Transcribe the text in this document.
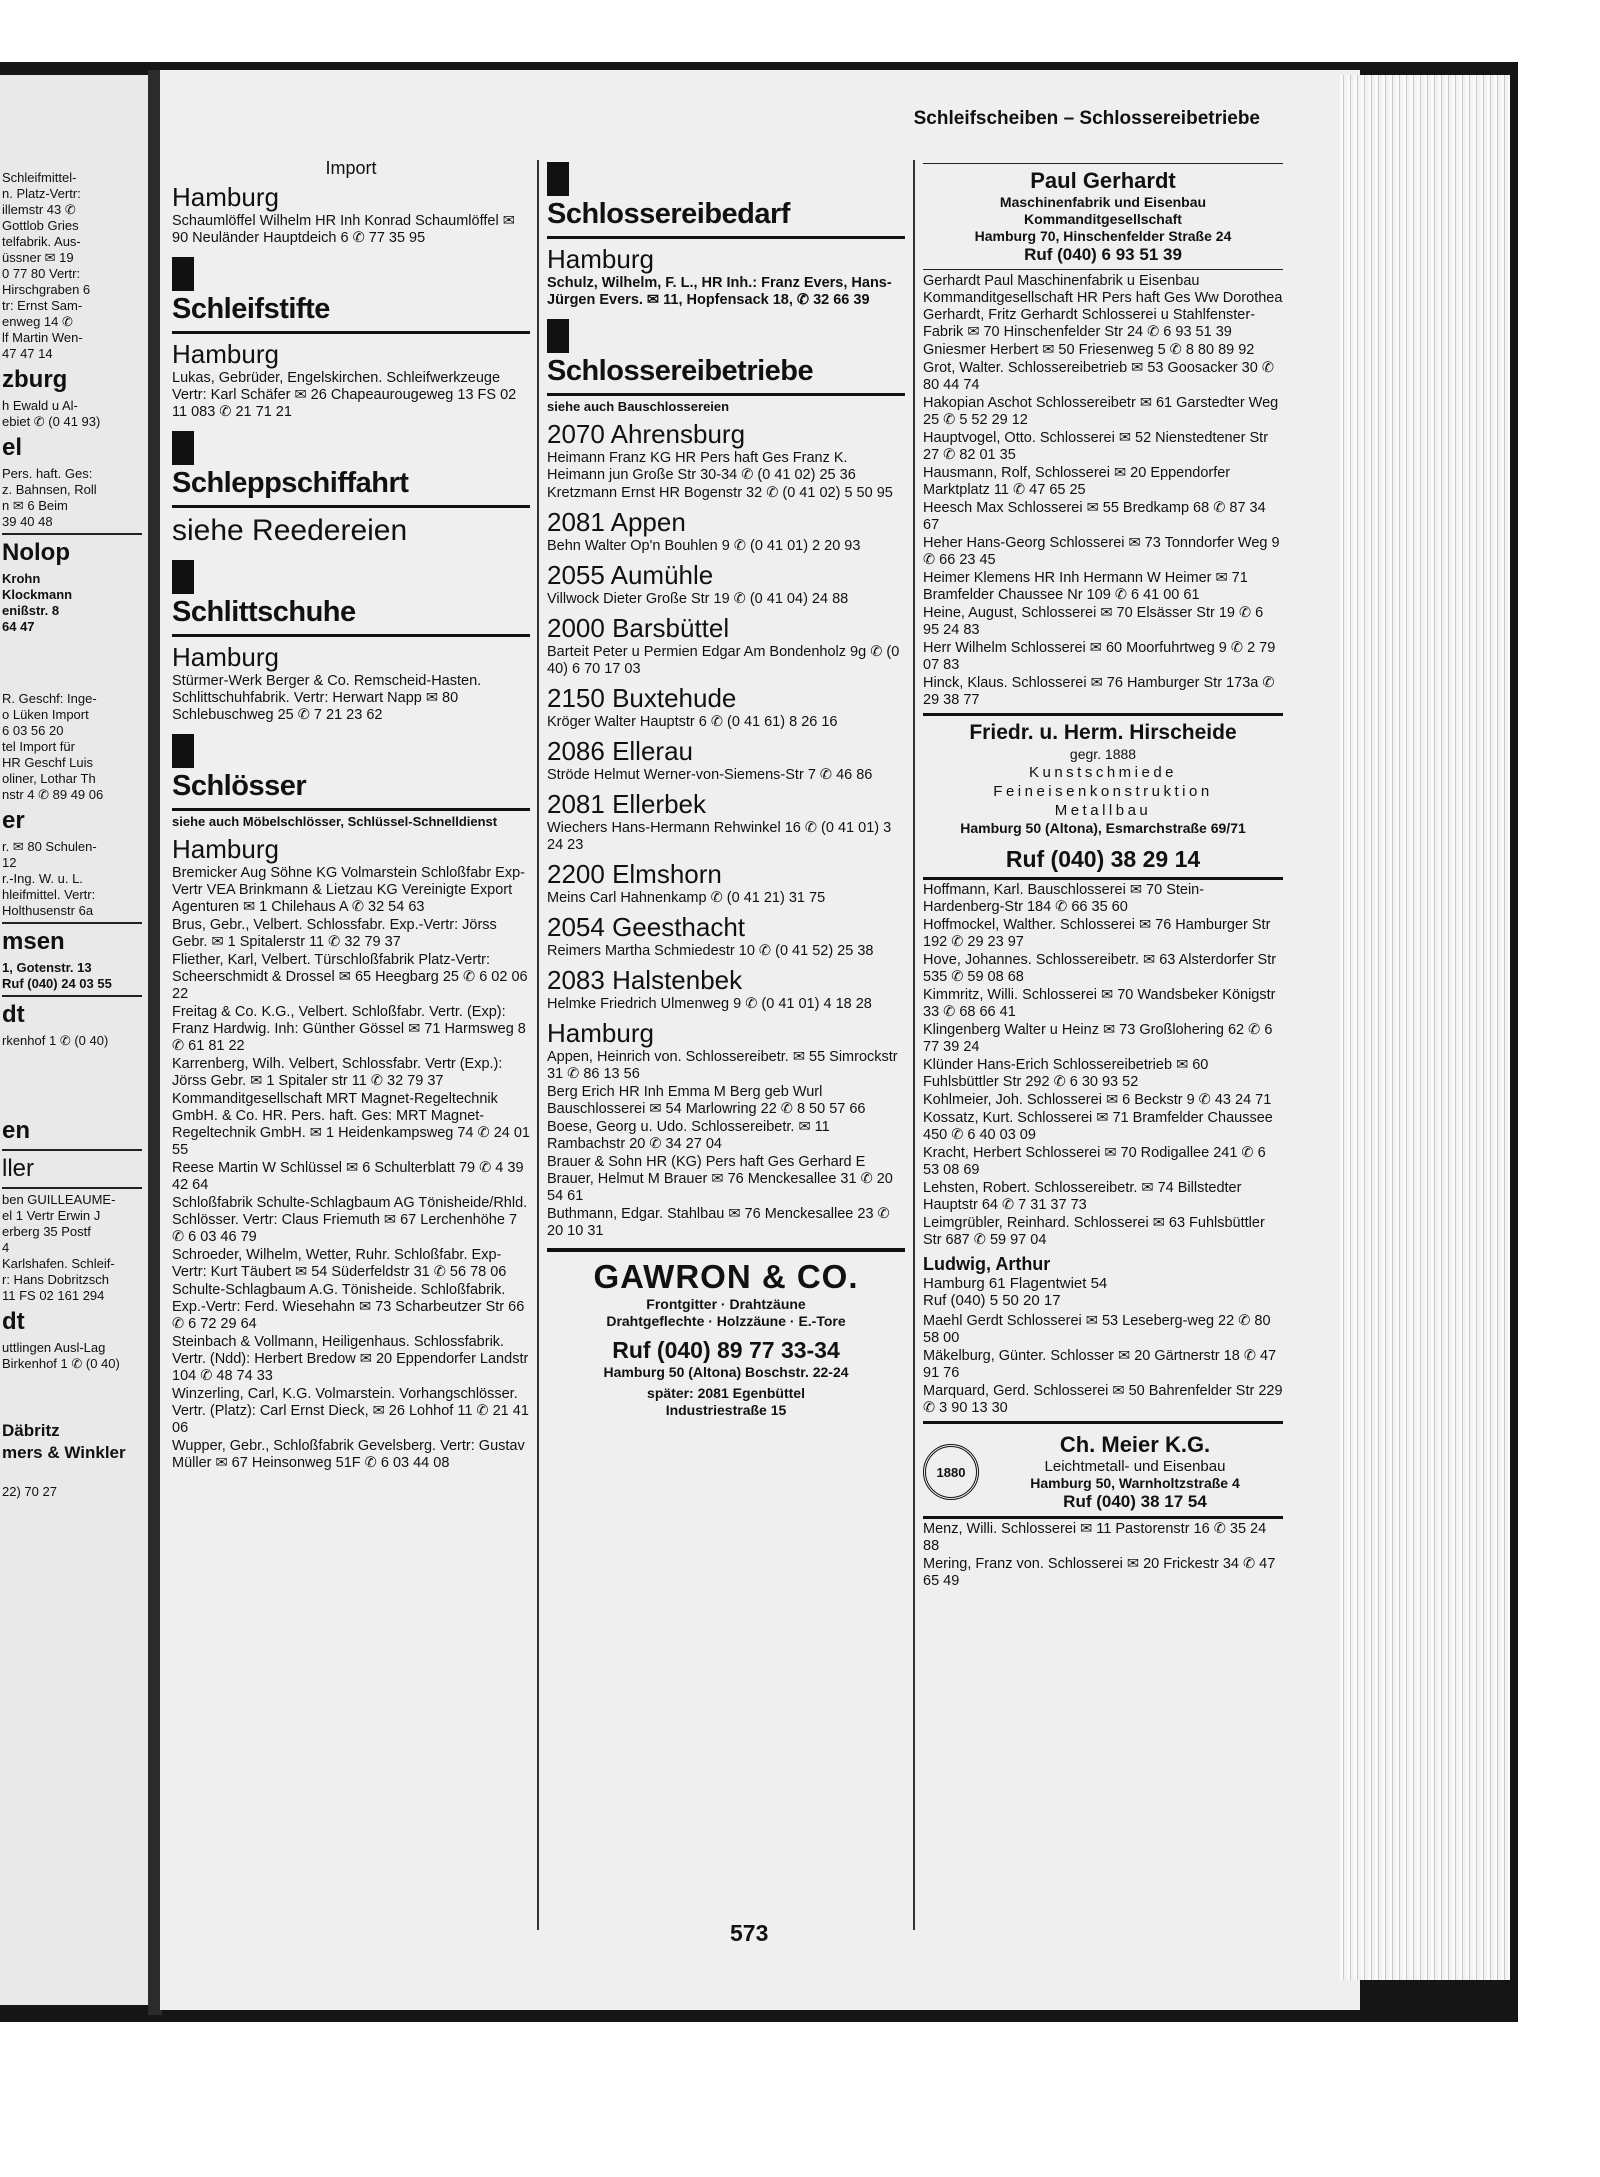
Schleifmittel-

n. Platz-Vertr:

illemstr 43 ✆

Gottlob Gries

telfabrik. Aus-

üssner ✉ 19

0 77 80 Vertr:

Hirschgraben 6

tr: Ernst Sam-

enweg 14 ✆

lf Martin Wen-

47 47 14

zburg

h Ewald u Al-

ebiet ✆ (0 41 93)

el

Pers. haft. Ges:

z. Bahnsen, Roll

n ✉ 6 Beim

39 40 48

Nolop

Krohn

Klockmann

enißstr. 8

64 47

R. Geschf: Inge-

o Lüken Import

6 03 56 20

tel Import für

HR Geschf Luis

oliner, Lothar Th

nstr 4 ✆ 89 49 06

er

r. ✉ 80 Schulen-

12

r.-Ing. W. u. L.

hleifmittel. Vertr:

Holthusenstr 6a

msen

1, Gotenstr. 13

Ruf (040) 24 03 55

dt

rkenhof 1 ✆ (0 40)

en
ller

ben GUILLEAUME-

el 1 Vertr Erwin J

erberg 35 Postf

4

Karlshafen. Schleif-

r: Hans Dobritzsch

11 FS 02 161 294

dt

uttlingen Ausl-Lag

Birkenhof 1 ✆ (0 40)

Däbritz

mers & Winkler

22) 70 27

Schleifscheiben – Schlossereibetriebe
Import
Hamburg

Schaumlöffel Wilhelm HR Inh Konrad Schaumlöffel ✉ 90 Neuländer Hauptdeich 6 ✆ 77 35 95

Schleifstifte
Hamburg

Lukas, Gebrüder, Engelskirchen. Schleifwerkzeuge Vertr: Karl Schäfer ✉ 26 Chapeaurougeweg 13 FS 02 11 083 ✆ 21 71 21

Schleppschiffahrt
siehe Reedereien
Schlittschuhe
Hamburg

Stürmer-Werk Berger & Co. Remscheid-Hasten. Schlittschuhfabrik. Vertr: Herwart Napp ✉ 80 Schlebuschweg 25 ✆ 7 21 23 62

Schlösser
siehe auch Möbelschlösser, Schlüssel-Schnelldienst
Hamburg

Bremicker Aug Söhne KG Volmarstein Schloßfabr Exp-Vertr VEA Brinkmann & Lietzau KG Vereinigte Export Agenturen ✉ 1 Chilehaus A ✆ 32 54 63

Brus, Gebr., Velbert. Schlossfabr. Exp.-Vertr: Jörss Gebr. ✉ 1 Spitalerstr 11 ✆ 32 79 37

Fliether, Karl, Velbert. Türschloßfabrik Platz-Vertr: Scheerschmidt & Drossel ✉ 65 Heegbarg 25 ✆ 6 02 06 22

Freitag & Co. K.G., Velbert. Schloßfabr. Vertr. (Exp): Franz Hardwig. Inh: Günther Gössel ✉ 71 Harmsweg 8 ✆ 61 81 22

Karrenberg, Wilh. Velbert, Schlossfabr. Vertr (Exp.): Jörss Gebr. ✉ 1 Spitaler str 11 ✆ 32 79 37

Kommanditgesellschaft MRT Magnet-Regeltechnik GmbH. & Co. HR. Pers. haft. Ges: MRT Magnet-Regeltechnik GmbH. ✉ 1 Heidenkampsweg 74 ✆ 24 01 55

Reese Martin W Schlüssel ✉ 6 Schulterblatt 79 ✆ 4 39 42 64

Schloßfabrik Schulte-Schlagbaum AG Tönisheide/Rhld. Schlösser. Vertr: Claus Friemuth ✉ 67 Lerchenhöhe 7 ✆ 6 03 46 79

Schroeder, Wilhelm, Wetter, Ruhr. Schloßfabr. Exp-Vertr: Kurt Täubert ✉ 54 Süderfeldstr 31 ✆ 56 78 06

Schulte-Schlagbaum A.G. Tönisheide. Schloßfabrik. Exp.-Vertr: Ferd. Wiesehahn ✉ 73 Scharbeutzer Str 66 ✆ 6 72 29 64

Steinbach & Vollmann, Heiligenhaus. Schlossfabrik. Vertr. (Ndd): Herbert Bredow ✉ 20 Eppendorfer Landstr 104 ✆ 48 74 33

Winzerling, Carl, K.G. Volmarstein. Vorhangschlösser. Vertr. (Platz): Carl Ernst Dieck, ✉ 26 Lohhof 11 ✆ 21 41 06

Wupper, Gebr., Schloßfabrik Gevelsberg. Vertr: Gustav Müller ✉ 67 Heinsonweg 51F ✆ 6 03 44 08

Schlossereibedarf
Hamburg

Schulz, Wilhelm, F. L., HR Inh.: Franz Evers, Hans-Jürgen Evers. ✉ 11, Hopfensack 18, ✆ 32 66 39

Schlossereibetriebe
siehe auch Bauschlossereien
2070 Ahrensburg

Heimann Franz KG HR Pers haft Ges Franz K. Heimann jun Große Str 30-34 ✆ (0 41 02) 25 36

Kretzmann Ernst HR Bogenstr 32 ✆ (0 41 02) 5 50 95

2081 Appen

Behn Walter Op'n Bouhlen 9 ✆ (0 41 01) 2 20 93

2055 Aumühle

Villwock Dieter Große Str 19 ✆ (0 41 04) 24 88

2000 Barsbüttel

Barteit Peter u Permien Edgar Am Bondenholz 9g ✆ (0 40) 6 70 17 03

2150 Buxtehude

Kröger Walter Hauptstr 6 ✆ (0 41 61) 8 26 16

2086 Ellerau

Ströde Helmut Werner-von-Siemens-Str 7 ✆ 46 86

2081 Ellerbek

Wiechers Hans-Hermann Rehwinkel 16 ✆ (0 41 01) 3 24 23

2200 Elmshorn

Meins Carl Hahnenkamp ✆ (0 41 21) 31 75

2054 Geesthacht

Reimers Martha Schmiedestr 10 ✆ (0 41 52) 25 38

2083 Halstenbek

Helmke Friedrich Ulmenweg 9 ✆ (0 41 01) 4 18 28

Hamburg

Appen, Heinrich von. Schlossereibetr. ✉ 55 Simrockstr 31 ✆ 86 13 56

Berg Erich HR Inh Emma M Berg geb Wurl Bauschlosserei ✉ 54 Marlowring 22 ✆ 8 50 57 66

Boese, Georg u. Udo. Schlossereibetr. ✉ 11 Rambachstr 20 ✆ 34 27 04

Brauer & Sohn HR (KG) Pers haft Ges Gerhard E Brauer, Helmut M Brauer ✉ 76 Menckesallee 31 ✆ 20 54 61

Buthmann, Edgar. Stahlbau ✉ 76 Menckesallee 23 ✆ 20 10 31

GAWRON & CO.
Frontgitter · Drahtzäune
Drahtgeflechte · Holzzäune · E.-Tore
Ruf (040) 89 77 33-34
Hamburg 50 (Altona) Boschstr. 22-24
später: 2081 Egenbüttel
Industriestraße 15
Paul Gerhardt
Maschinenfabrik und Eisenbau
Kommanditgesellschaft
Hamburg 70, Hinschenfelder Straße 24
Ruf (040) 6 93 51 39

Gerhardt Paul Maschinenfabrik u Eisenbau Kommanditgesellschaft HR Pers haft Ges Ww Dorothea Gerhardt, Fritz Gerhardt Schlosserei u Stahlfenster-Fabrik ✉ 70 Hinschenfelder Str 24 ✆ 6 93 51 39

Gniesmer Herbert ✉ 50 Friesenweg 5 ✆ 8 80 89 92

Grot, Walter. Schlossereibetrieb ✉ 53 Goosacker 30 ✆ 80 44 74

Hakopian Aschot Schlossereibetr ✉ 61 Garstedter Weg 25 ✆ 5 52 29 12

Hauptvogel, Otto. Schlosserei ✉ 52 Nienstedtener Str 27 ✆ 82 01 35

Hausmann, Rolf, Schlosserei ✉ 20 Eppendorfer Marktplatz 11 ✆ 47 65 25

Heesch Max Schlosserei ✉ 55 Bredkamp 68 ✆ 87 34 67

Heher Hans-Georg Schlosserei ✉ 73 Tonndorfer Weg 9 ✆ 66 23 45

Heimer Klemens HR Inh Hermann W Heimer ✉ 71 Bramfelder Chaussee Nr 109 ✆ 6 41 00 61

Heine, August, Schlosserei ✉ 70 Elsässer Str 19 ✆ 6 95 24 83

Herr Wilhelm Schlosserei ✉ 60 Moorfuhrtweg 9 ✆ 2 79 07 83

Hinck, Klaus. Schlosserei ✉ 76 Hamburger Str 173a ✆ 29 38 77

Friedr. u. Herm. Hirscheide
gegr. 1888
Kunstschmiede
Feineisenkonstruktion
Metallbau
Hamburg 50 (Altona), Esmarchstraße 69/71
Ruf (040) 38 29 14

Hoffmann, Karl. Bauschlosserei ✉ 70 Stein-Hardenberg-Str 184 ✆ 66 35 60

Hoffmockel, Walther. Schlosserei ✉ 76 Hamburger Str 192 ✆ 29 23 97

Hove, Johannes. Schlossereibetr. ✉ 63 Alsterdorfer Str 535 ✆ 59 08 68

Kimmritz, Willi. Schlosserei ✉ 70 Wandsbeker Königstr 33 ✆ 68 66 41

Klingenberg Walter u Heinz ✉ 73 Großlohering 62 ✆ 6 77 39 24

Klünder Hans-Erich Schlossereibetrieb ✉ 60 Fuhlsbüttler Str 292 ✆ 6 30 93 52

Kohlmeier, Joh. Schlosserei ✉ 6 Beckstr 9 ✆ 43 24 71

Kossatz, Kurt. Schlosserei ✉ 71 Bramfelder Chaussee 450 ✆ 6 40 03 09

Kracht, Herbert Schlosserei ✉ 70 Rodigallee 241 ✆ 6 53 08 69

Lehsten, Robert. Schlossereibetr. ✉ 74 Billstedter Hauptstr 64 ✆ 7 31 37 73

Leimgrübler, Reinhard. Schlosserei ✉ 63 Fuhlsbüttler Str 687 ✆ 59 97 04

Ludwig, Arthur
Hamburg 61 Flagentwiet 54
Ruf (040) 5 50 20 17

Maehl Gerdt Schlosserei ✉ 53 Leseberg-weg 22 ✆ 80 58 00

Mäkelburg, Günter. Schlosser ✉ 20 Gärtnerstr 18 ✆ 47 91 76

Marquard, Gerd. Schlosserei ✉ 50 Bahrenfelder Str 229 ✆ 3 90 13 30

1880
Ch. Meier K.G.
Leichtmetall- und Eisenbau
Hamburg 50, Warnholtzstraße 4
Ruf (040) 38 17 54

Menz, Willi. Schlosserei ✉ 11 Pastorenstr 16 ✆ 35 24 88

Mering, Franz von. Schlosserei ✉ 20 Frickestr 34 ✆ 47 65 49

573
